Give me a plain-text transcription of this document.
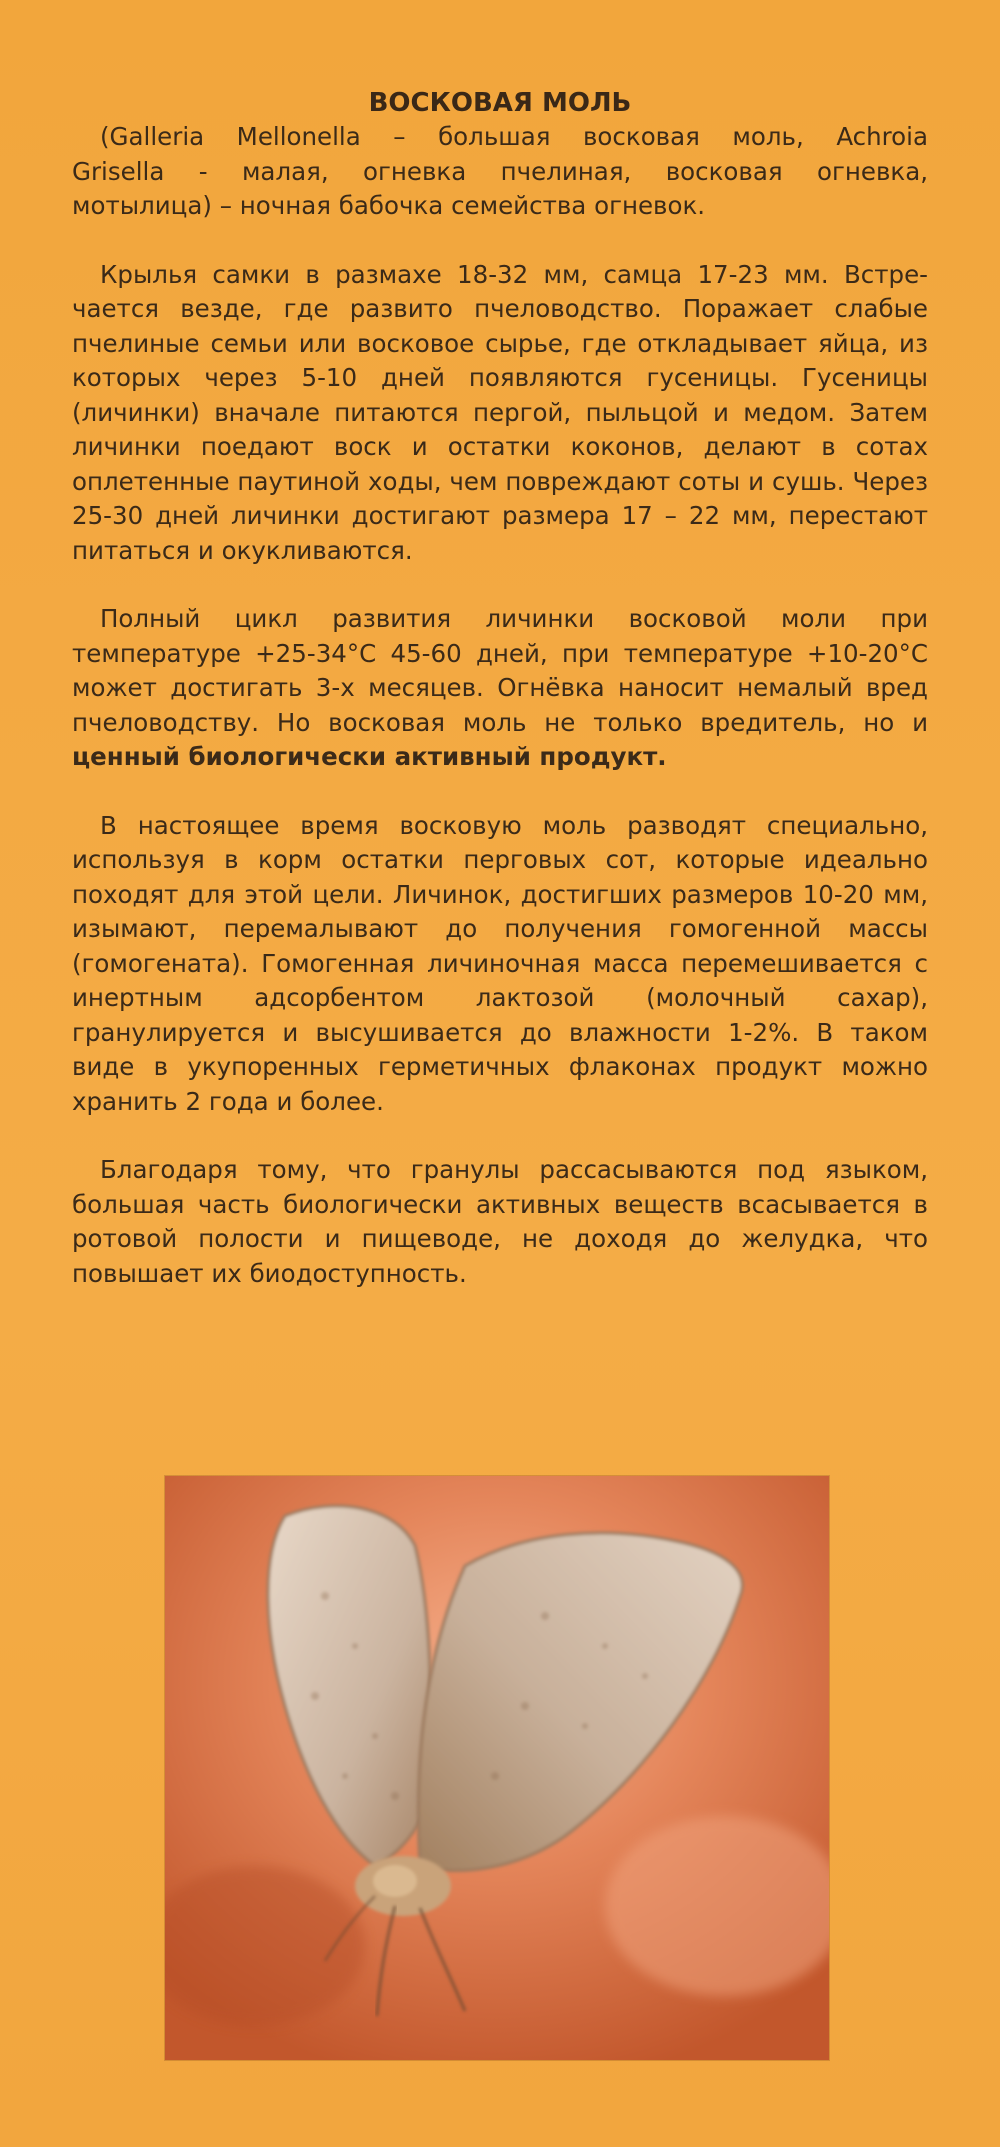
ВОСКОВАЯ МОЛЬ
(Galleria Mellonella – большая восковая моль, Achroia
Grisella - малая, огневка пчелиная, восковая огневка,
мотылица) – ночная бабочка семейства огневок.

Крылья самки в размахе 18-32 мм, самца 17-23 мм. Встречается везде, где развито пчеловодство. Поражает слабые пчелиные семьи или восковое сырье, где откладывает яйца, из которых через 5-10 дней появляются гусеницы. Гусеницы (личинки) вначале питаются пергой, пыльцой и медом. Затем личинки поедают воск и остатки коконов, делают в сотах оплетенные паутиной ходы, чем повреждают соты и сушь. Через 25-30 дней личинки достигают размера 17 – 22 мм, перестают питаться и окукливаются.

Полный цикл развития личинки восковой моли при температуре +25-34°С 45-60 дней, при температуре +10-20°С может достигать 3-х месяцев. Огнёвка наносит немалый вред пчеловодству. Но восковая моль не только вредитель, но и ценный биологически активный продукт.

В настоящее время восковую моль разводят специально, используя в корм остатки перговых сот, которые идеально походят для этой цели. Личинок, достигших размеров 10-20 мм, изымают, перемалывают до получения гомогенной массы (гомогената). Гомогенная личиночная масса перемешивается с инертным адсорбентом лактозой (молочный сахар), гранулируется и высушивается до влажности 1-2%. В таком виде в укупоренных герметичных флаконах продукт можно хранить 2 года и более.

Благодаря тому, что гранулы рассасываются под языком, большая часть биологически активных веществ всасывается в ротовой полости и пищеводе, не доходя до желудка, что повышает их биодоступность.
